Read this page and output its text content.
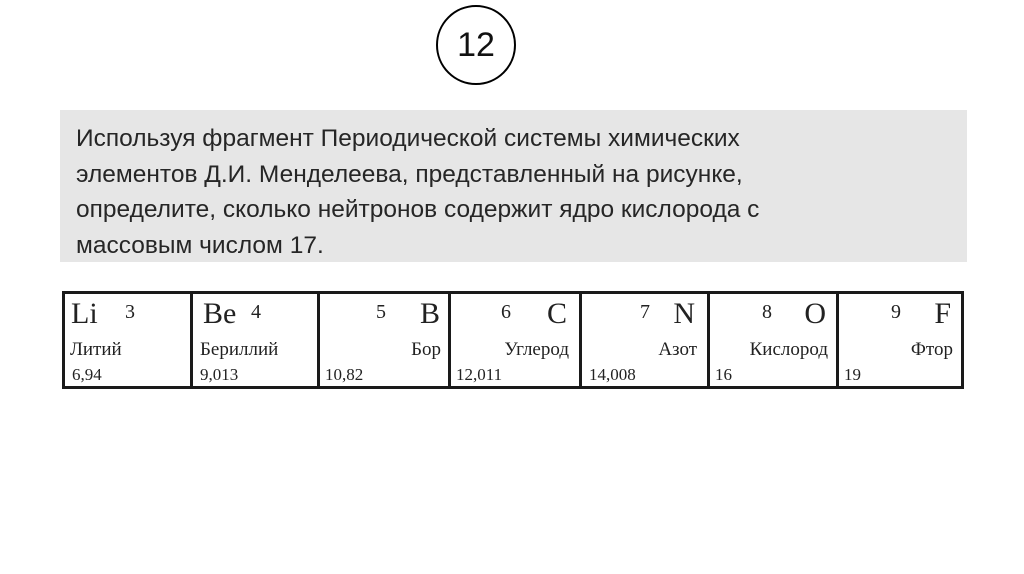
12

Используя фрагмент Периодической системы химических
элементов Д.И. Менделеева, представленный на рисунке,
определите, сколько нейтронов содержит ядро кислорода с
массовым числом 17.

Li 3
Литий
6,94
Be 4
Бериллий
9,013
5 B
Бор
10,82
6 C
Углерод
12,011
7 N
Азот
14,008
8 O
Кислород
16
9 F
Фтор
19
